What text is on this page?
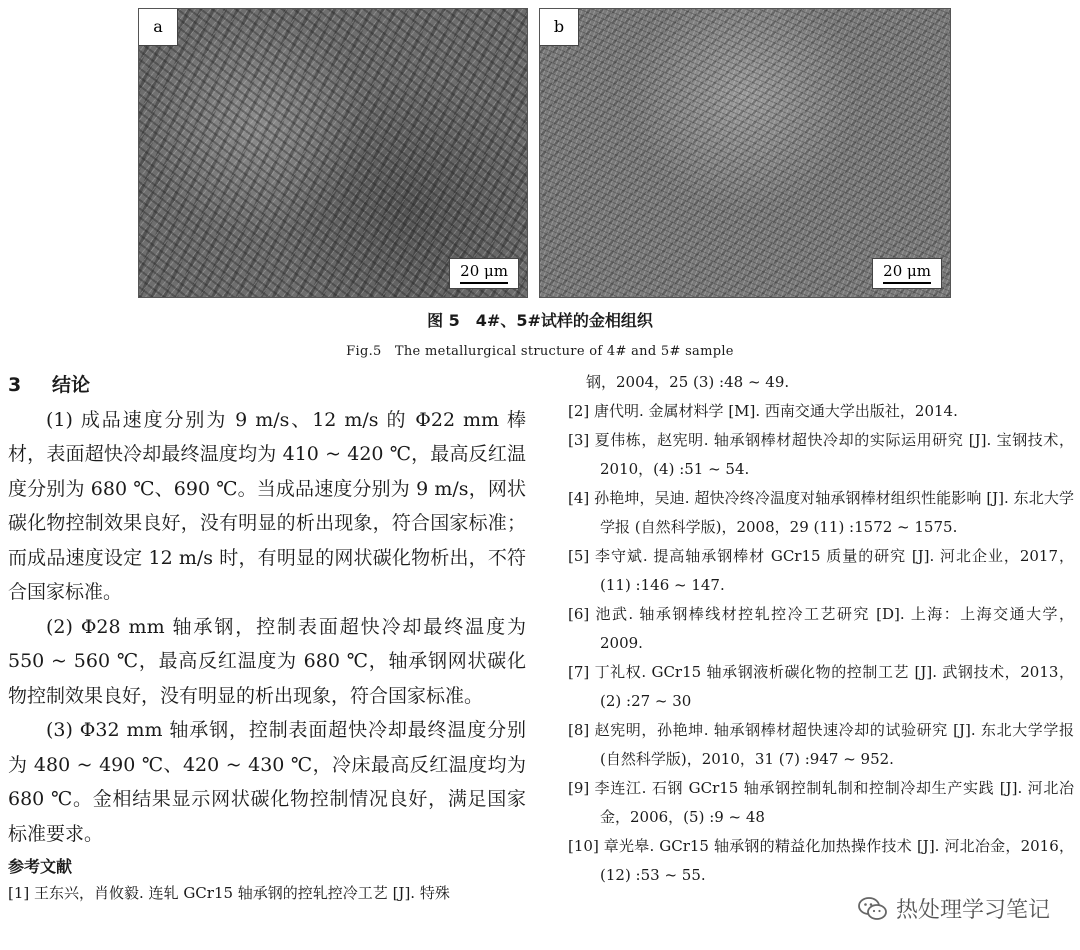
a
20 μm
b
20 μm
图 5　4#、5#试样的金相组织
Fig.5　The metallurgical structure of 4# and 5# sample
3 结论

(1) 成品速度分别为 9 m/s、12 m/s 的 Φ22 mm 棒材，表面超快冷却最终温度均为 410 ~ 420 ℃，最高反红温度分别为 680 ℃、690 ℃。当成品速度分别为 9 m/s，网状碳化物控制效果良好，没有明显的析出现象，符合国家标准；而成品速度设定 12 m/s 时，有明显的网状碳化物析出，不符合国家标准。

(2) Φ28 mm 轴承钢，控制表面超快冷却最终温度为 550 ~ 560 ℃，最高反红温度为 680 ℃，轴承钢网状碳化物控制效果良好，没有明显的析出现象，符合国家标准。

(3) Φ32 mm 轴承钢，控制表面超快冷却最终温度分别为 480 ~ 490 ℃、420 ~ 430 ℃，冷床最高反红温度均为 680 ℃。金相结果显示网状碳化物控制情况良好，满足国家标准要求。

参考文献
[1] 王东兴，肖攸毅. 连轧 GCr15 轴承钢的控轧控冷工艺 [J]. 特殊

钢，2004，25 (3) :48 ~ 49.

[2] 唐代明. 金属材料学 [M]. 西南交通大学出版社，2014.

[3] 夏伟栋，赵宪明. 轴承钢棒材超快冷却的实际运用研究 [J]. 宝钢技术，2010，(4) :51 ~ 54.

[4] 孙艳坤，吴迪. 超快冷终冷温度对轴承钢棒材组织性能影响 [J]. 东北大学学报 (自然科学版)，2008，29 (11) :1572 ~ 1575.

[5] 李守斌. 提高轴承钢棒材 GCr15 质量的研究 [J]. 河北企业，2017，(11) :146 ~ 147.

[6] 池武. 轴承钢棒线材控轧控冷工艺研究 [D]. 上海：上海交通大学，2009.

[7] 丁礼权. GCr15 轴承钢液析碳化物的控制工艺 [J]. 武钢技术，2013，(2) :27 ~ 30

[8] 赵宪明，孙艳坤. 轴承钢棒材超快速冷却的试验研究 [J]. 东北大学学报 (自然科学版)，2010，31 (7) :947 ~ 952.

[9] 李连江. 石钢 GCr15 轴承钢控制轧制和控制冷却生产实践 [J]. 河北冶金，2006，(5) :9 ~ 48

[10] 章光皋. GCr15 轴承钢的精益化加热操作技术 [J]. 河北冶金，2016，(12) :53 ~ 55.

热处理学习笔记
